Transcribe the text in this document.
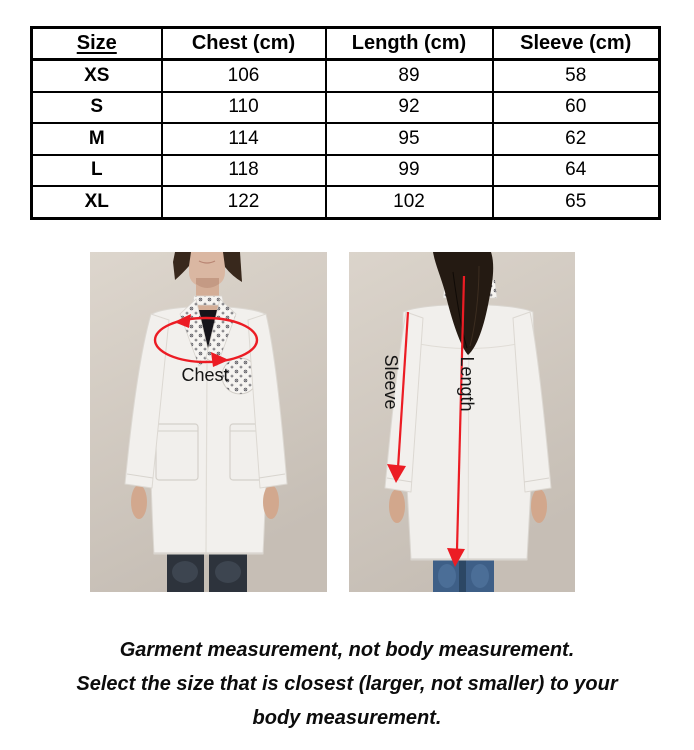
Size	Chest (cm)	Length (cm)	Sleeve (cm)
XS	106	89	58
S	110	92	60
M	114	95	62
L	118	99	64
XL	122	102	65
Chest	Sleeve	Length
Garment measurement, not body measurement.
Select the size that is closest (larger, not smaller) to your
body measurement.
